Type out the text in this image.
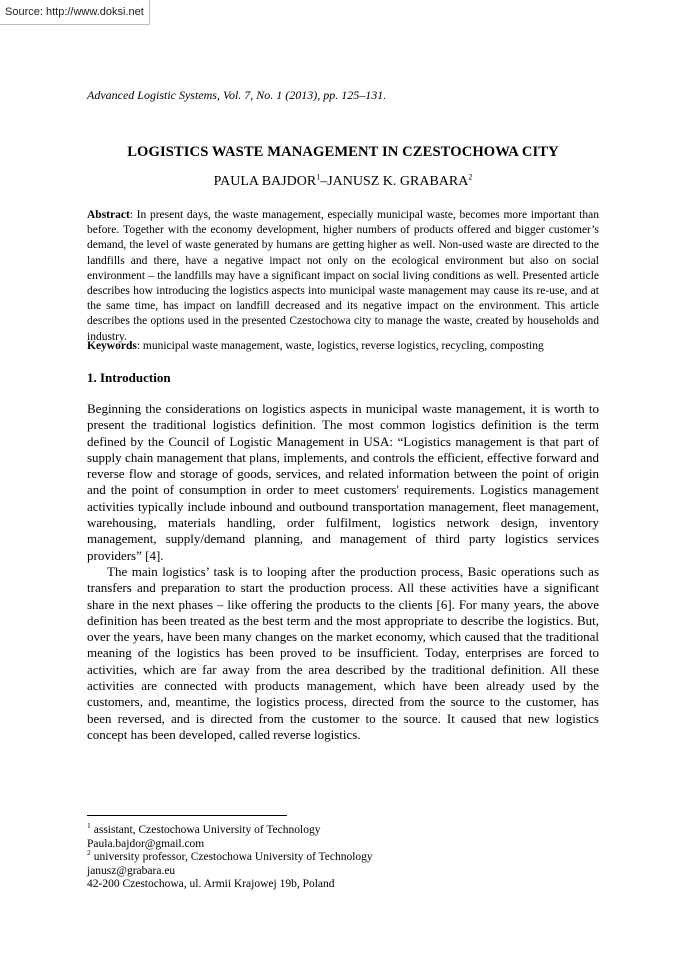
Source: http://www.doksi.net
Advanced Logistic Systems, Vol. 7, No. 1 (2013), pp. 125–131.
LOGISTICS WASTE MANAGEMENT IN CZESTOCHOWA CITY
PAULA BAJDOR$^1$–JANUSZ K. GRABARA$^2$
Abstract: In present days, the waste management, especially municipal waste, becomes more important than before. Together with the economy development, higher numbers of products offered and bigger customer’s demand, the level of waste generated by humans are getting higher as well. Non-used waste are directed to the landfills and there, have a negative impact not only on the ecological environment but also on social environment – the landfills may have a significant impact on social living conditions as well. Presented article describes how introducing the logistics aspects into municipal waste management may cause its re-use, and at the same time, has impact on landfill decreased and its negative impact on the environment. This article describes the options used in the presented Czestochowa city to manage the waste, created by households and industry.
Keywords: municipal waste management, waste, logistics, reverse logistics, recycling, composting
1. Introduction

Beginning the considerations on logistics aspects in municipal waste management, it is worth to present the traditional logistics definition. The most common logistics definition is the term defined by the Council of Logistic Management in USA: “Logistics management is that part of supply chain management that plans, implements, and controls the efficient, effective forward and reverse flow and storage of goods, services, and related information between the point of origin and the point of consumption in order to meet customers' requirements. Logistics management activities typically include inbound and outbound transportation management, fleet management, warehousing, materials handling, order fulfilment, logistics network design, inventory management, supply/demand planning, and management of third party logistics services providers” [4].

The main logistics’ task is to looping after the production process, Basic operations such as transfers and preparation to start the production process. All these activities have a significant share in the next phases – like offering the products to the clients [6]. For many years, the above definition has been treated as the best term and the most appropriate to describe the logistics. But, over the years, have been many changes on the market economy, which caused that the traditional meaning of the logistics has been proved to be insufficient. Today, enterprises are forced to activities, which are far away from the area described by the traditional definition. All these activities are connected with products management, which have been already used by the customers, and, meantime, the logistics process, directed from the source to the customer, has been reversed, and is directed from the customer to the source. It caused that new logistics concept has been developed, called reverse logistics.

$^1$ assistant, Czestochowa University of Technology
Paula.bajdor@gmail.com
$^2$ university professor, Czestochowa University of Technology
janusz@grabara.eu
42-200 Czestochowa, ul. Armii Krajowej 19b, Poland
